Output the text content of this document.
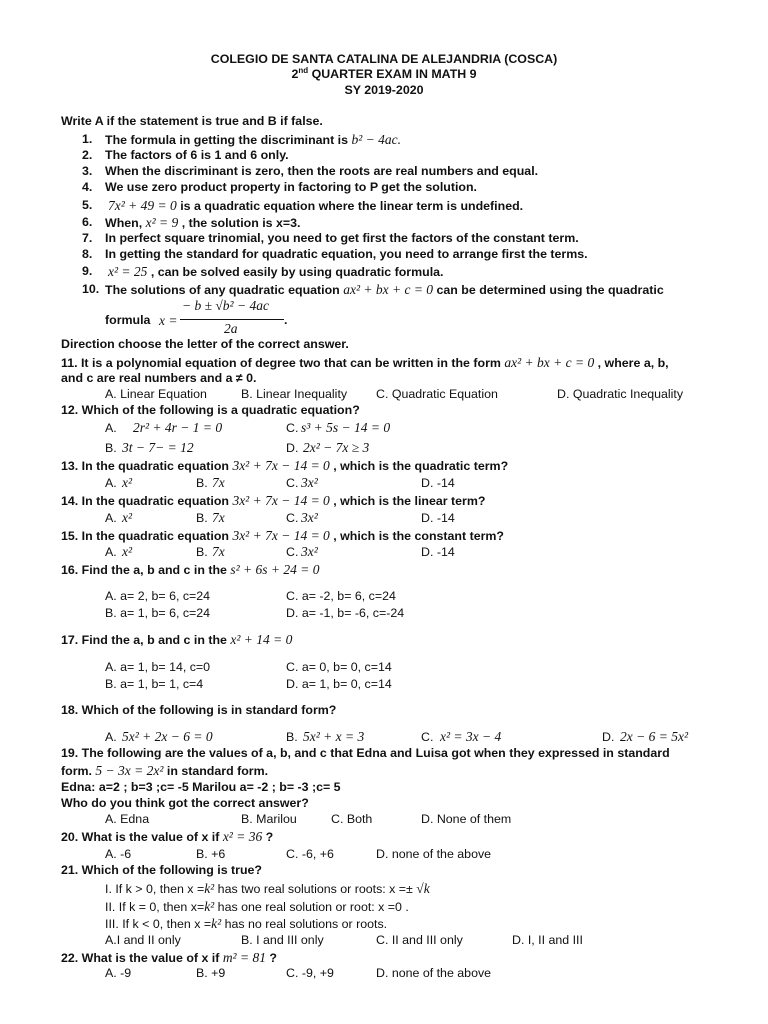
COLEGIO DE SANTA CATALINA DE ALEJANDRIA (COSCA)
2nd QUARTER EXAM IN MATH 9
SY 2019-2020
Write A if the statement is true and B if false.
1. The formula in getting the discriminant is b² − 4ac.
2. The factors of 6 is 1 and 6 only.
3. When the discriminant is zero, then the roots are real numbers and equal.
4. We use zero product property in factoring to P get the solution.
5. 7x² + 49 = 0 is a quadratic equation where the linear term is undefined.
6. When, x² = 9 , the solution is x=3.
7. In perfect square trinomial, you need to get first the factors of the constant term.
8. In getting the standard for quadratic equation, you need to arrange first the terms.
9. x² = 25 , can be solved easily by using quadratic formula.
10. The solutions of any quadratic equation ax² + bx + c = 0 can be determined using the quadratic
formula x =
− b ± √b² − 4ac
2a
.
Direction choose the letter of the correct answer.
11. It is a polynomial equation of degree two that can be written in the form ax² + bx + c = 0 , where a, b,
and c are real numbers and a ≠ 0.
A. Linear Equation	B. Linear Inequality C. Quadratic Equation	D. Quadratic Inequality
12. Which of the following is a quadratic equation?
A. 2r² + 4r − 1 = 0	C. s³ + 5s − 14 = 0
B. 3t − 7− = 12	D. 2x² − 7x ≥ 3
13. In the quadratic equation 3x² + 7x − 14 = 0 , which is the quadratic term?
A. x²	B. 7x	C. 3x²	D. -14
14. In the quadratic equation 3x² + 7x − 14 = 0 , which is the linear term?
A. x²	B. 7x	C. 3x²	D. -14
15. In the quadratic equation 3x² + 7x − 14 = 0 , which is the constant term?
A. x²	B. 7x	C. 3x²	D. -14
16. Find the a, b and c in the s² + 6s + 24 = 0
A. a= 2, b= 6, c=24	C. a= -2, b= 6, c=24
B. a= 1, b= 6, c=24	D. a= -1, b= -6, c=-24
17. Find the a, b and c in the x² + 14 = 0
A. a= 1, b= 14, c=0	C. a= 0, b= 0, c=14
B. a= 1, b= 1, c=4	D. a= 1, b= 0, c=14
18. Which of the following is in standard form?
A. 5x² + 2x − 6 = 0	B. 5x² + x = 3	C. x² = 3x − 4	D. 2x − 6 = 5x²
19. The following are the values of a, b, and c that Edna and Luisa got when they expressed in standard
form. 5 − 3x = 2x² in standard form.
Edna: a=2 ; b=3 ;c= -5 Marilou a= -2 ; b= -3 ;c= 5
Who do you think got the correct answer?
A. Edna	B. Marilou	C. Both	D. None of them
20. What is the value of x if x² = 36 ?
A. -6	B. +6	C. -6, +6	D. none of the above
21. Which of the following is true?
I. If k > 0, then x =k² has two real solutions or roots: x =± √k
II. If k = 0, then x=k² has one real solution or root: x =0 .
III. If k < 0, then x =k² has no real solutions or roots.
A.I and II only	B. I and III only	C. II and III only	D. I, II and III
22. What is the value of x if m² = 81 ?
A. -9	B. +9	C. -9, +9	D. none of the above
